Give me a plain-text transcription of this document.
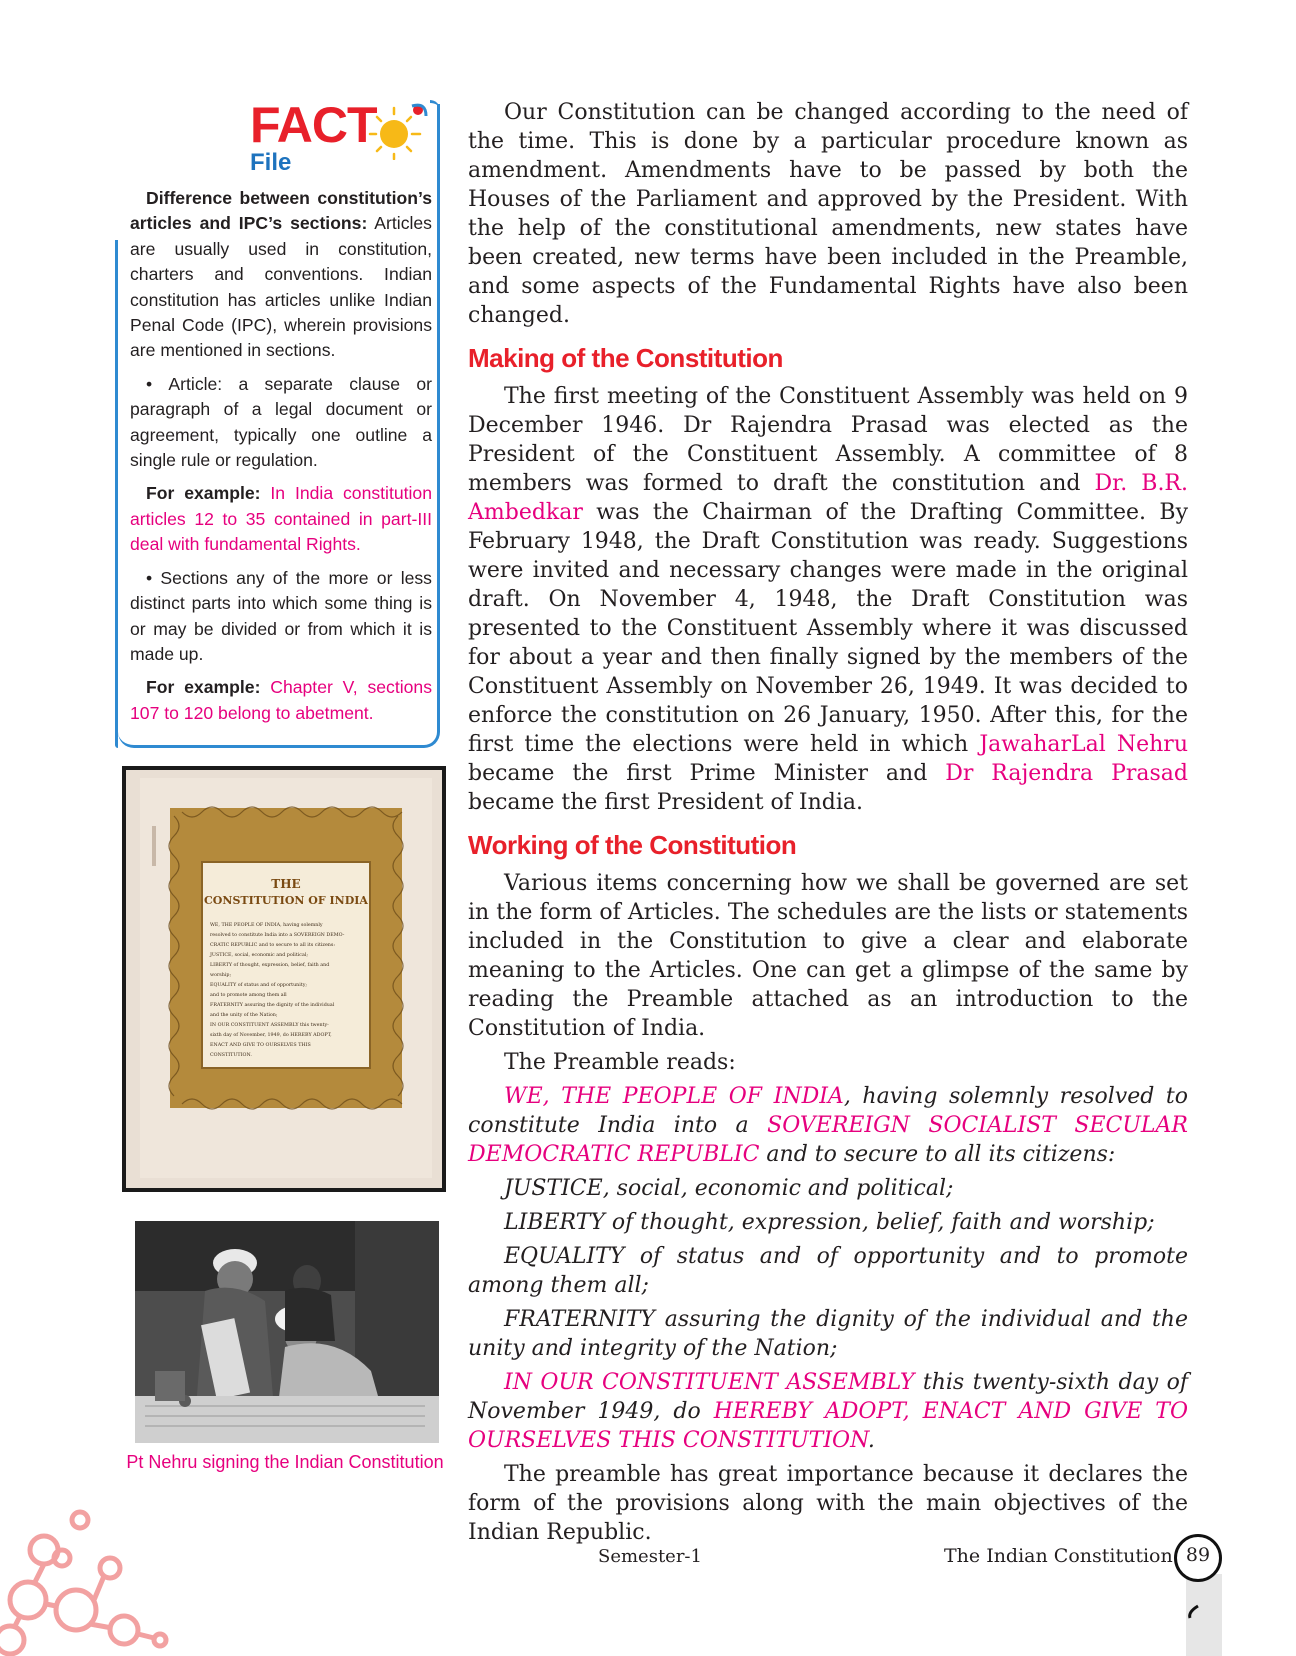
FACT
File

Difference between constitution’s articles and IPC’s sections: Articles are usually used in constitution, charters and conventions. Indian constitution has articles unlike Indian Penal Code (IPC), wherein provisions are mentioned in sections.

• Article: a separate clause or paragraph of a legal document or agreement, typically one outline a single rule or regulation.

For example: In India constitution articles 12 to 35 contained in part-III deal with fundamental Rights.

• Sections any of the more or less distinct parts into which some thing is or may be divided or from which it is made up.

For example: Chapter V, sections 107 to 120 belong to abetment.

THE
CONSTITUTION OF INDIA
WE, THE PEOPLE OF INDIA, having solemnly
resolved to constitute India into a SOVEREIGN DEMO-
CRATIC REPUBLIC and to secure to all its citizens:
JUSTICE, social, economic and political;
LIBERTY of thought, expression, belief, faith and
worship;
EQUALITY of status and of opportunity;
and to promote among them all
FRATERNITY assuring the dignity of the individual
and the unity of the Nation;
IN OUR CONSTITUENT ASSEMBLY this twenty-
sixth day of November, 1949, do HEREBY ADOPT,
ENACT AND GIVE TO OURSELVES THIS
CONSTITUTION.
Pt Nehru signing the Indian Constitution

Our Constitution can be changed according to the need of the time. This is done by a particular procedure known as amendment. Amendments have to be passed by both the Houses of the Parliament and approved by the President. With the help of the constitutional amendments, new states have been created, new terms have been included in the Preamble, and some aspects of the Fundamental Rights have also been changed.

Making of the Constitution

The first meeting of the Constituent Assembly was held on 9 December 1946. Dr Rajendra Prasad was elected as the President of the Constituent Assembly. A committee of 8 members was formed to draft the constitution and Dr. B.R. Ambedkar was the Chairman of the Drafting Committee. By February 1948, the Draft Constitution was ready. Suggestions were invited and necessary changes were made in the original draft. On November 4, 1948, the Draft Constitution was presented to the Constituent Assembly where it was discussed for about a year and then finally signed by the members of the Constituent Assembly on November 26, 1949. It was decided to enforce the constitution on 26 January, 1950. After this, for the first time the elections were held in which JawaharLal Nehru became the first Prime Minister and Dr Rajendra Prasad became the first President of India.

Working of the Constitution

Various items concerning how we shall be governed are set in the form of Articles. The schedules are the lists or statements included in the Constitution to give a clear and elaborate meaning to the Articles. One can get a glimpse of the same by reading the Preamble attached as an introduction to the Constitution of India.

The Preamble reads:

WE, THE PEOPLE OF INDIA, having solemnly resolved to constitute India into a SOVEREIGN SOCIALIST SECULAR DEMOCRATIC REPUBLIC and to secure to all its citizens:

JUSTICE, social, economic and political;

LIBERTY of thought, expression, belief, faith and worship;

EQUALITY of status and of opportunity and to promote among them all;

FRATERNITY assuring the dignity of the individual and the unity and integrity of the Nation;

IN OUR CONSTITUENT ASSEMBLY this twenty-sixth day of November 1949, do HEREBY ADOPT, ENACT AND GIVE TO OURSELVES THIS CONSTITUTION.

The preamble has great importance because it declares the form of the provisions along with the main objectives of the Indian Republic.

Semester-1	The Indian Constitution 89
